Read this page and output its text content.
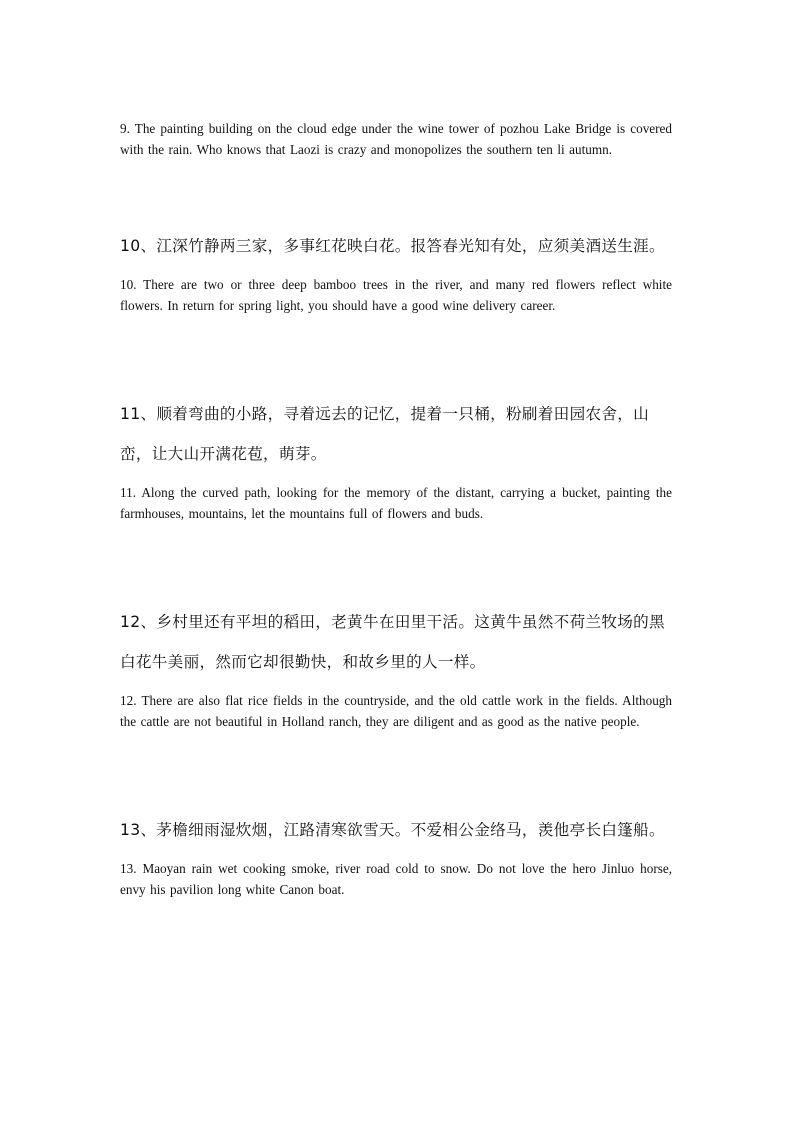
9. The painting building on the cloud edge under the wine tower of pozhou Lake Bridge is covered with the rain. Who knows that Laozi is crazy and monopolizes the southern ten li autumn.

10、江深竹静两三家，多事红花映白花。报答春光知有处，应须美酒送生涯。

10. There are two or three deep bamboo trees in the river, and many red flowers reflect white flowers. In return for spring light, you should have a good wine delivery career.

11、顺着弯曲的小路，寻着远去的记忆，提着一只桶，粉刷着田园农舍，山峦，让大山开满花苞，萌芽。

11. Along the curved path, looking for the memory of the distant, carrying a bucket, painting the farmhouses, mountains, let the mountains full of flowers and buds.

12、乡村里还有平坦的稻田，老黄牛在田里干活。这黄牛虽然不荷兰牧场的黑白花牛美丽，然而它却很勤快，和故乡里的人一样。

12. There are also flat rice fields in the countryside, and the old cattle work in the fields. Although the cattle are not beautiful in Holland ranch, they are diligent and as good as the native people.

13、茅檐细雨湿炊烟，江路清寒欲雪天。不爱相公金络马，羡他亭长白篷船。

13. Maoyan rain wet cooking smoke, river road cold to snow. Do not love the hero Jinluo horse, envy his pavilion long white Canon boat.
